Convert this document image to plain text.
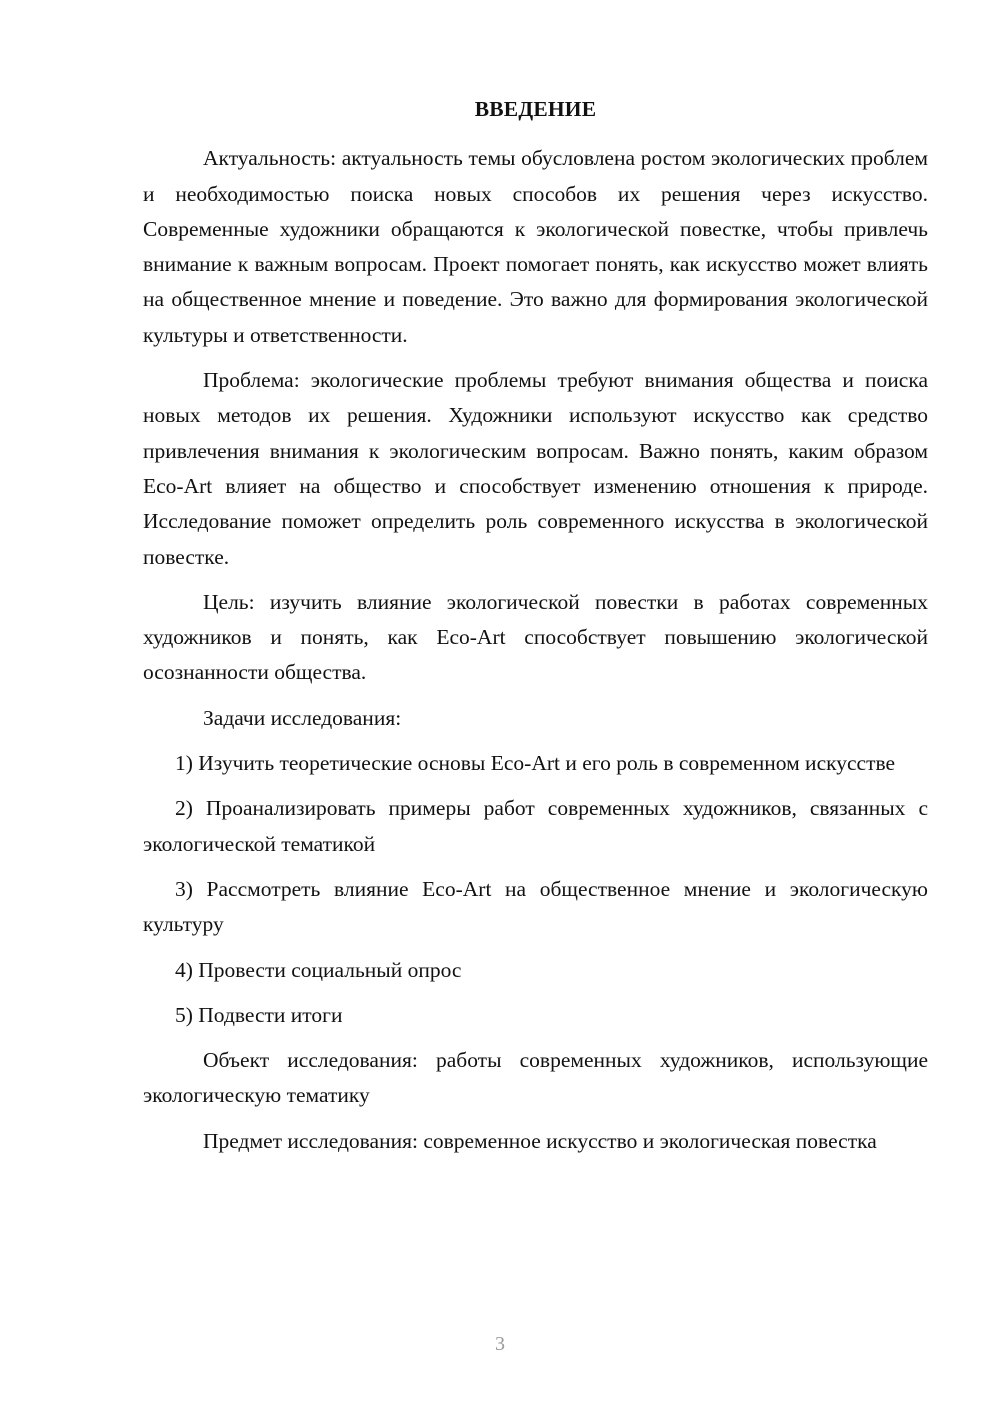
ВВЕДЕНИЕ

Актуальность: актуальность темы обусловлена ростом экологических проблем и необходимостью поиска новых способов их решения через искусство. Современные художники обращаются к экологической повестке, чтобы привлечь внимание к важным вопросам. Проект помогает понять, как искусство может влиять на общественное мнение и поведение. Это важно для формирования экологической культуры и ответственности.

Проблема: экологические проблемы требуют внимания общества и поиска новых методов их решения. Художники используют искусство как средство привлечения внимания к экологическим вопросам. Важно понять, каким образом Eco-Art влияет на общество и способствует изменению отношения к природе. Исследование поможет определить роль современного искусства в экологической повестке.

Цель: изучить влияние экологической повестки в работах современных художников и понять, как Eco-Art способствует повышению экологической осознанности общества.

Задачи исследования:

1) Изучить теоретические основы Eco-Art и его роль в современном искусстве

2) Проанализировать примеры работ современных художников, связанных с экологической тематикой

3) Рассмотреть влияние Eco-Art на общественное мнение и экологическую культуру

4) Провести социальный опрос

5) Подвести итоги

Объект исследования: работы современных художников, использующие экологическую тематику

Предмет исследования: современное искусство и экологическая повестка

3
